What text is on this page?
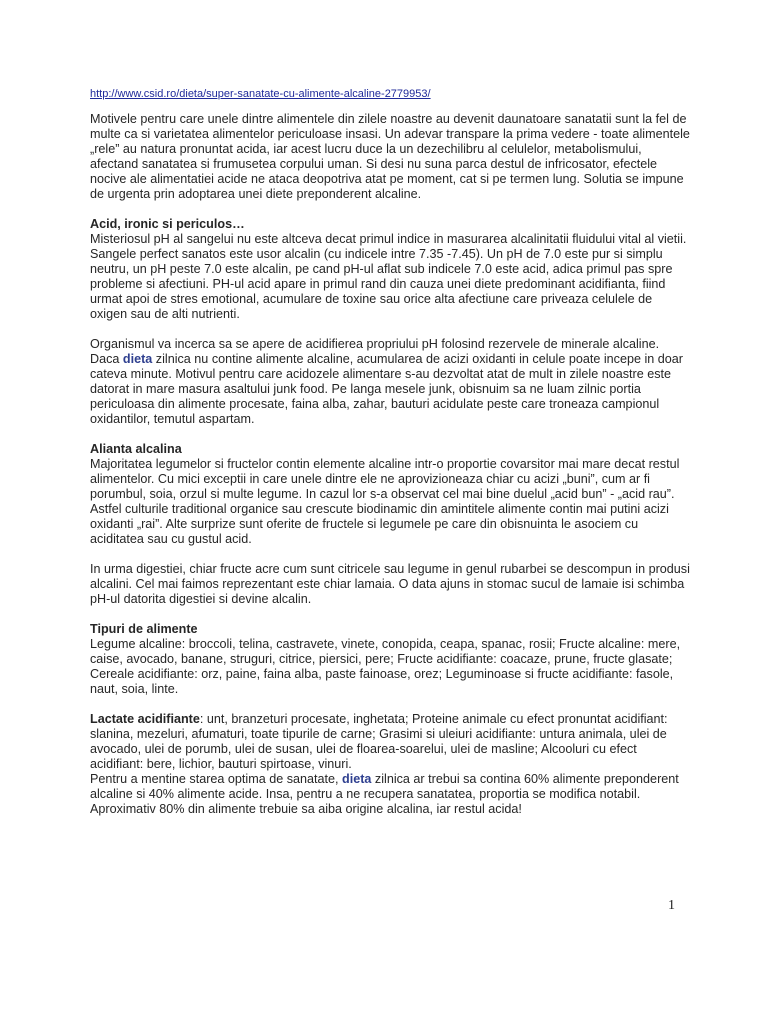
http://www.csid.ro/dieta/super-sanatate-cu-alimente-alcaline-2779953/

Motivele pentru care unele dintre alimentele din zilele noastre au devenit daunatoare sanatatii sunt la fel de multe ca si varietatea alimentelor periculoase insasi. Un adevar transpare la prima vedere - toate alimentele „rele” au natura pronuntat acida, iar acest lucru duce la un dezechilibru al celulelor, metabolismului, afectand sanatatea si frumusetea corpului uman. Si desi nu suna parca destul de infricosator, efectele nocive ale alimentatiei acide ne ataca deopotriva atat pe moment, cat si pe termen lung. Solutia se impune de urgenta prin adoptarea unei diete preponderent alcaline.

Acid, ironic si periculos…
Misteriosul pH al sangelui nu este altceva decat primul indice in masurarea alcalinitatii fluidului vital al vietii. Sangele perfect sanatos este usor alcalin (cu indicele intre 7.35 -7.45). Un pH de 7.0 este pur si simplu neutru, un pH peste 7.0 este alcalin, pe cand pH-ul aflat sub indicele 7.0 este acid, adica primul pas spre probleme si afectiuni. PH-ul acid apare in primul rand din cauza unei diete predominant acidifianta, fiind urmat apoi de stres emotional, acumulare de toxine sau orice alta afectiune care priveaza celulele de oxigen sau de alti nutrienti.

Organismul va incerca sa se apere de acidifierea propriului pH folosind rezervele de minerale alcaline. Daca dieta zilnica nu contine alimente alcaline, acumularea de acizi oxidanti in celule poate incepe in doar cateva minute. Motivul pentru care acidozele alimentare s-au dezvoltat atat de mult in zilele noastre este datorat in mare masura asaltului junk food. Pe langa mesele junk, obisnuim sa ne luam zilnic portia periculoasa din alimente procesate, faina alba, zahar, bauturi acidulate peste care troneaza campionul oxidantilor, temutul aspartam.

Alianta alcalina
Majoritatea legumelor si fructelor contin elemente alcaline intr-o proportie covarsitor mai mare decat restul alimentelor. Cu mici exceptii in care unele dintre ele ne aprovizioneaza chiar cu acizi „buni”, cum ar fi porumbul, soia, orzul si multe legume. In cazul lor s-a observat cel mai bine duelul „acid bun” - „acid rau”. Astfel culturile traditional organice sau crescute biodinamic din amintitele alimente contin mai putini acizi oxidanti „rai”. Alte surprize sunt oferite de fructele si legumele pe care din obisnuinta le asociem cu aciditatea sau cu gustul acid.

In urma digestiei, chiar fructe acre cum sunt citricele sau legume in genul rubarbei se descompun in produsi alcalini. Cel mai faimos reprezentant este chiar lamaia. O data ajuns in stomac sucul de lamaie isi schimba pH-ul datorita digestiei si devine alcalin.

Tipuri de alimente
Legume alcaline: broccoli, telina, castravete, vinete, conopida, ceapa, spanac, rosii; Fructe alcaline: mere, caise, avocado, banane, struguri, citrice, piersici, pere; Fructe acidifiante: coacaze, prune, fructe glasate; Cereale acidifiante: orz, paine, faina alba, paste fainoase, orez; Leguminoase si fructe acidifiante: fasole, naut, soia, linte.

Lactate acidifiante: unt, branzeturi procesate, inghetata; Proteine animale cu efect pronuntat acidifiant: slanina, mezeluri, afumaturi, toate tipurile de carne; Grasimi si uleiuri acidifiante: untura animala, ulei de avocado, ulei de porumb, ulei de susan, ulei de floarea-soarelui, ulei de masline; Alcooluri cu efect acidifiant: bere, lichior, bauturi spirtoase, vinuri.

Pentru a mentine starea optima de sanatate, dieta zilnica ar trebui sa contina 60% alimente preponderent alcaline si 40% alimente acide. Insa, pentru a ne recupera sanatatea, proportia se modifica notabil. Aproximativ 80% din alimente trebuie sa aiba origine alcalina, iar restul acida!

1
